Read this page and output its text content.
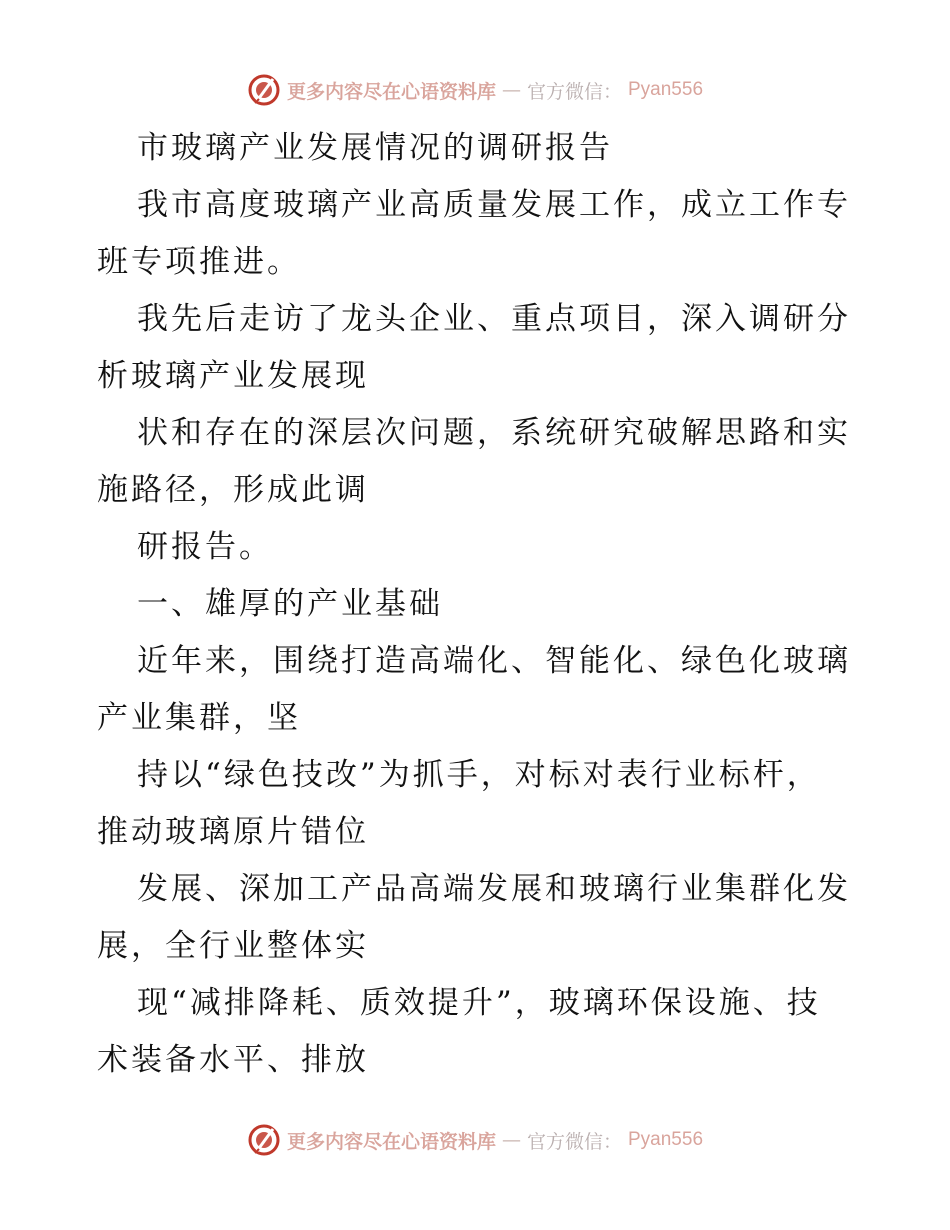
更多内容尽在心语资料库 — 官方微信： Pyan556
市玻璃产业发展情况的调研报告
我市高度玻璃产业高质量发展工作，成立工作专
班专项推进。
我先后走访了龙头企业、重点项目，深入调研分
析玻璃产业发展现
状和存在的深层次问题，系统研究破解思路和实
施路径，形成此调
研报告。
一、雄厚的产业基础
近年来，围绕打造高端化、智能化、绿色化玻璃
产业集群，坚
持以“绿色技改”为抓手，对标对表行业标杆，
推动玻璃原片错位
发展、深加工产品高端发展和玻璃行业集群化发
展，全行业整体实
现“减排降耗、质效提升”，玻璃环保设施、技
术装备水平、排放
更多内容尽在心语资料库 — 官方微信： Pyan556
